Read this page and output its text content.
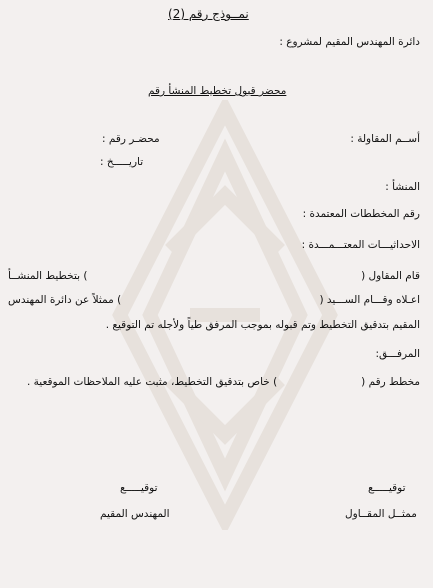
نمــوذج رقم (2)
دائرة المهندس المقيم لمشروع :
محضر قبول تخطيط المنشأ رقم
أســم المقاولة :
محضـر رقم :
تاريـــــخ :
المنشأ :
رقم المخططات المعتمدة :
الاحداثيـــات المعتـــمـــدة :
قام المقاول (
) بتخطيط المنشــأ
اعـلاه وقـــام الســـيد (
) ممثلاً عن دائرة المهندس
المقيم بتدقيق التخطيط وتم قبوله بموجب المرفق طياً ولأجله تم التوقيع .
المرفـــق:
مخطط رقم (
) خاص بتدقيق التخطيط، مثبت عليه الملاحظات الموقعية .
توقيـــــع
توقيـــــع
ممثــل المقــاول
المهندس المقيم
